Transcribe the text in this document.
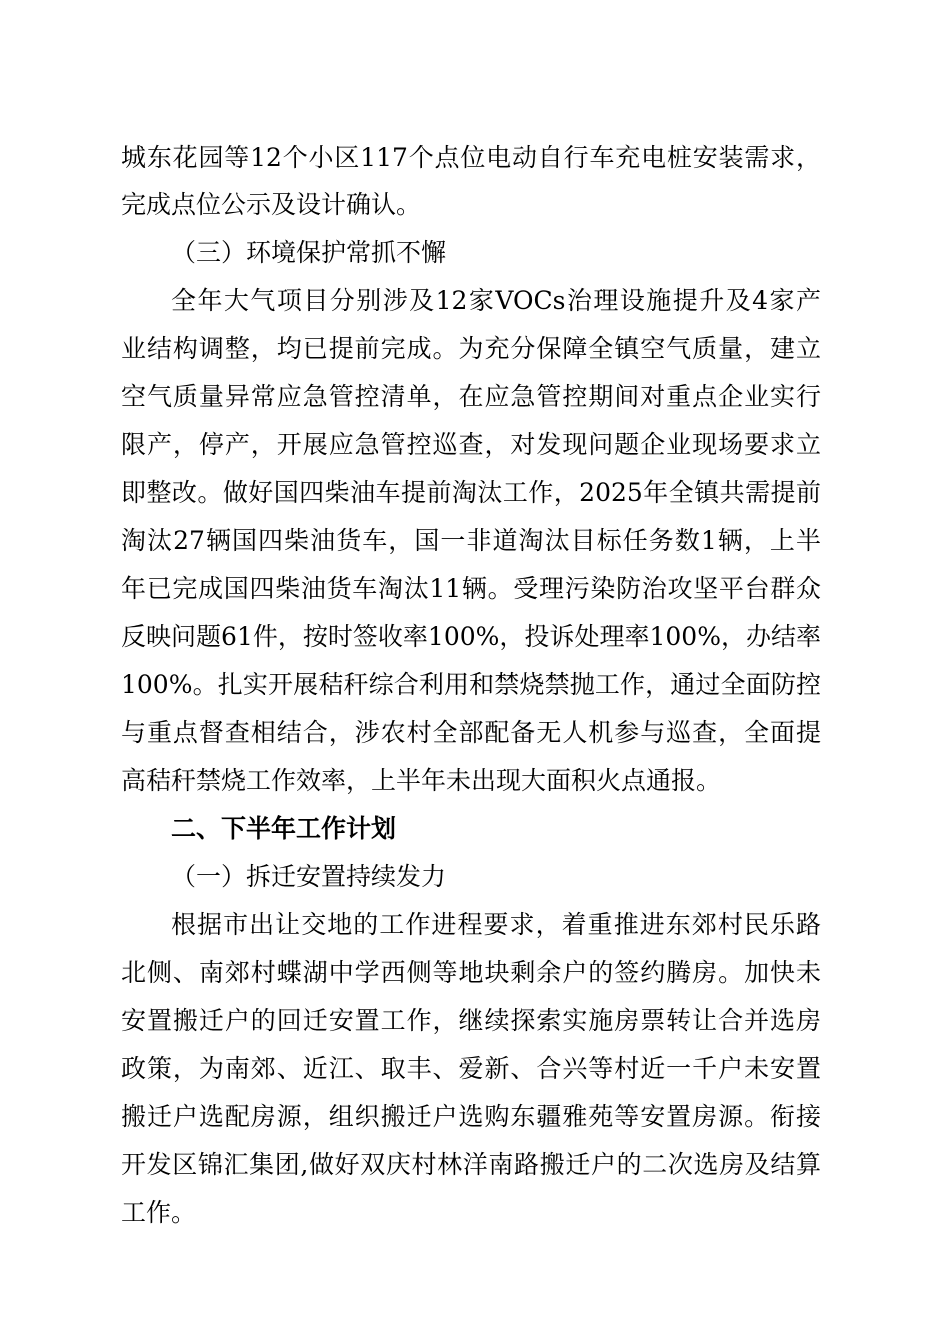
城东花园等12个小区117个点位电动自行车充电桩安装需求，
完成点位公示及设计确认。
（三）环境保护常抓不懈
全年大气项目分别涉及12家VOCs治理设施提升及4家产
业结构调整，均已提前完成。为充分保障全镇空气质量，建立
空气质量异常应急管控清单，在应急管控期间对重点企业实行
限产，停产，开展应急管控巡查，对发现问题企业现场要求立
即整改。做好国四柴油车提前淘汰工作，2025年全镇共需提前
淘汰27辆国四柴油货车，国一非道淘汰目标任务数1辆，上半
年已完成国四柴油货车淘汰11辆。受理污染防治攻坚平台群众
反映问题61件，按时签收率100%，投诉处理率100%，办结率
100%。扎实开展秸秆综合利用和禁烧禁抛工作，通过全面防控
与重点督查相结合，涉农村全部配备无人机参与巡查，全面提
高秸秆禁烧工作效率，上半年未出现大面积火点通报。
二、下半年工作计划
（一）拆迁安置持续发力
根据市出让交地的工作进程要求，着重推进东郊村民乐路
北侧、南郊村蝶湖中学西侧等地块剩余户的签约腾房。加快未
安置搬迁户的回迁安置工作，继续探索实施房票转让合并选房
政策，为南郊、近江、取丰、爱新、合兴等村近一千户未安置
搬迁户选配房源，组织搬迁户选购东疆雅苑等安置房源。衔接
开发区锦汇集团,做好双庆村林洋南路搬迁户的二次选房及结算
工作。
